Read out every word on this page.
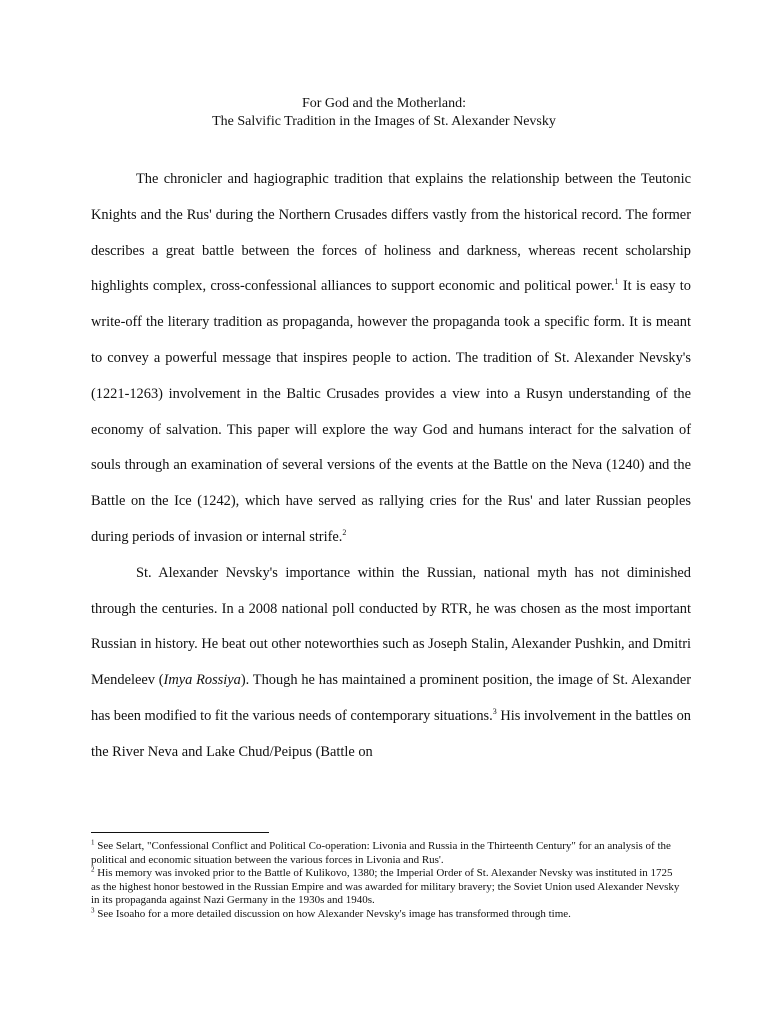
For God and the Motherland:
The Salvific Tradition in the Images of St. Alexander Nevsky

The chronicler and hagiographic tradition that explains the relationship between the Teutonic Knights and the Rus' during the Northern Crusades differs vastly from the historical record. The former describes a great battle between the forces of holiness and darkness, whereas recent scholarship highlights complex, cross-confessional alliances to support economic and political power.$^1$ It is easy to write-off the literary tradition as propaganda, however the propaganda took a specific form. It is meant to convey a powerful message that inspires people to action. The tradition of St. Alexander Nevsky's (1221-1263) involvement in the Baltic Crusades provides a view into a Rusyn understanding of the economy of salvation. This paper will explore the way God and humans interact for the salvation of souls through an examination of several versions of the events at the Battle on the Neva (1240) and the Battle on the Ice (1242), which have served as rallying cries for the Rus' and later Russian peoples during periods of invasion or internal strife.$^2$

St. Alexander Nevsky's importance within the Russian, national myth has not diminished through the centuries. In a 2008 national poll conducted by RTR, he was chosen as the most important Russian in history. He beat out other noteworthies such as Joseph Stalin, Alexander Pushkin, and Dmitri Mendeleev (Imya Rossiya). Though he has maintained a prominent position, the image of St. Alexander has been modified to fit the various needs of contemporary situations.$^3$ His involvement in the battles on the River Neva and Lake Chud/Peipus (Battle on

$^1$ See Selart, "Confessional Conflict and Political Co-operation: Livonia and Russia in the Thirteenth Century" for an analysis of the political and economic situation between the various forces in Livonia and Rus'.

$^2$ His memory was invoked prior to the Battle of Kulikovo, 1380; the Imperial Order of St. Alexander Nevsky was instituted in 1725 as the highest honor bestowed in the Russian Empire and was awarded for military bravery; the Soviet Union used Alexander Nevsky in its propaganda against Nazi Germany in the 1930s and 1940s.

$^3$ See Isoaho for a more detailed discussion on how Alexander Nevsky's image has transformed through time.
